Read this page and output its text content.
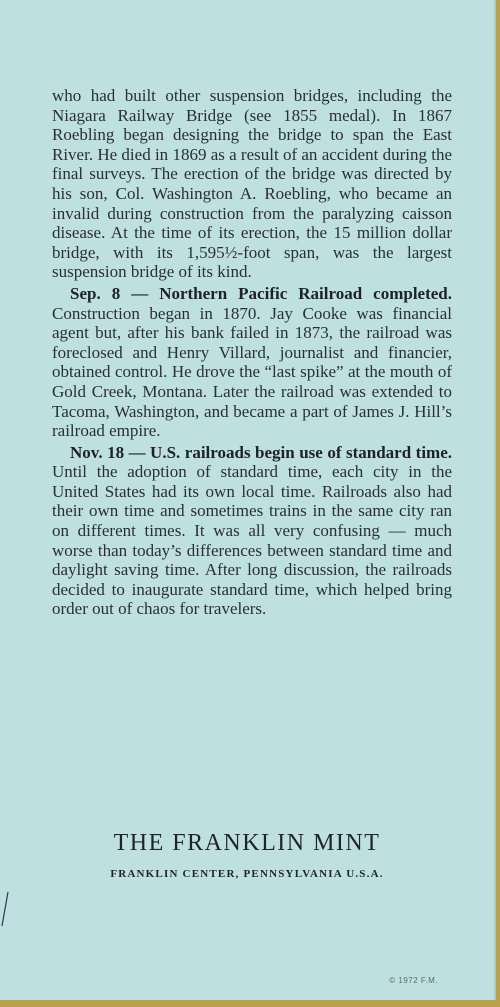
who had built other suspension bridges, including the Niagara Railway Bridge (see 1855 medal). In 1867 Roebling began designing the bridge to span the East River. He died in 1869 as a result of an accident during the final surveys. The erection of the bridge was directed by his son, Col. Washington A. Roebling, who became an invalid during construction from the paralyzing caisson disease. At the time of its erection, the 15 million dollar bridge, with its 1,595½-foot span, was the largest suspension bridge of its kind.

Sep. 8 — Northern Pacific Railroad completed. Construction began in 1870. Jay Cooke was financial agent but, after his bank failed in 1873, the railroad was foreclosed and Henry Villard, journalist and financier, obtained control. He drove the “last spike” at the mouth of Gold Creek, Montana. Later the railroad was extended to Tacoma, Washington, and became a part of James J. Hill’s railroad empire.

Nov. 18 — U.S. railroads begin use of standard time. Until the adoption of standard time, each city in the United States had its own local time. Railroads also had their own time and sometimes trains in the same city ran on different times. It was all very confusing — much worse than today’s differences between standard time and daylight saving time. After long discussion, the railroads decided to inaugurate standard time, which helped bring order out of chaos for travelers.

THE FRANKLIN MINT
FRANKLIN CENTER, PENNSYLVANIA U.S.A.
© 1972 F.M.
